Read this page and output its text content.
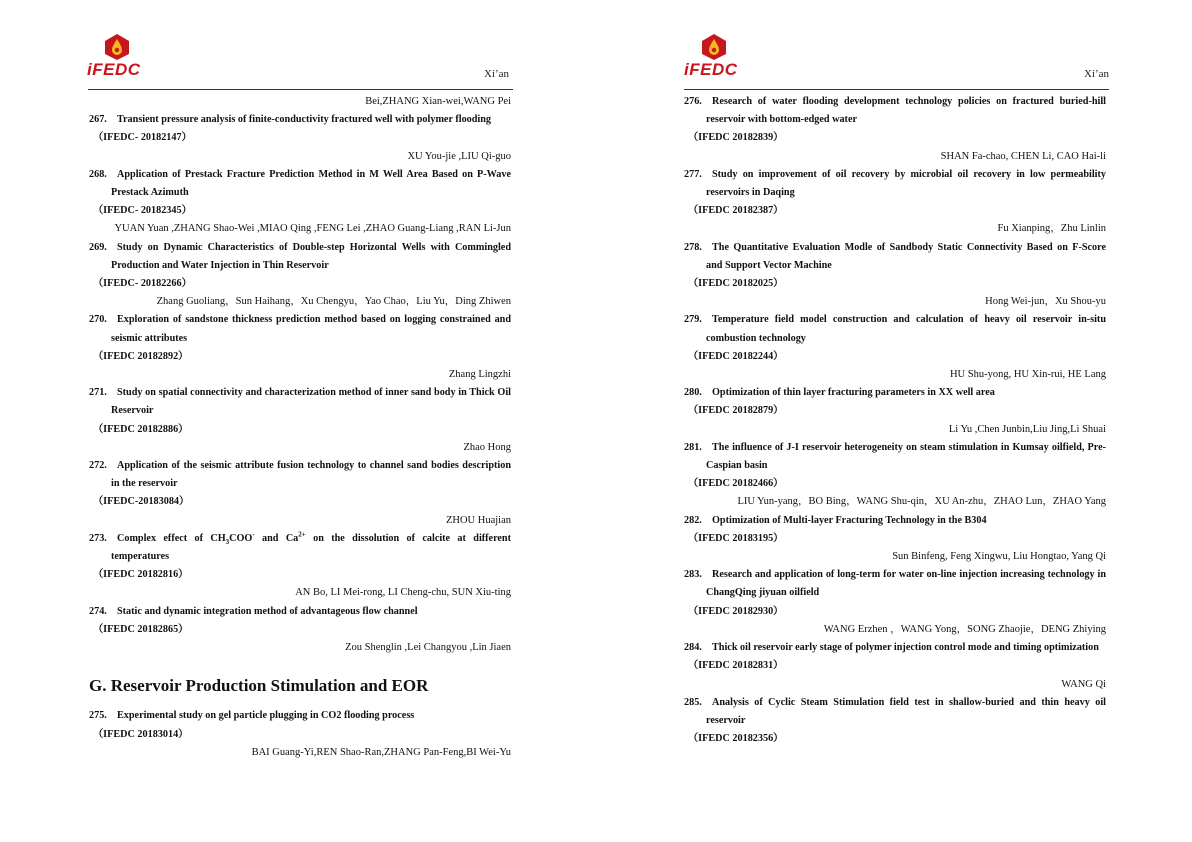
iFEDC	Xi’an

Bei,ZHANG Xian-wei,WANG Pei

267. Transient pressure analysis of finite-conductivity fractured well with polymer flooding

（IFEDC- 20182147）

XU You-jie ,LIU Qi-guo

268. Application of Prestack Fracture Prediction Method in M Well Area Based on P-Wave Prestack Azimuth

（IFEDC- 20182345）

YUAN Yuan ,ZHANG Shao-Wei ,MIAO Qing ,FENG Lei ,ZHAO Guang-Liang ,RAN Li-Jun

269. Study on Dynamic Characteristics of Double-step Horizontal Wells with Commingled Production and Water Injection in Thin Reservoir

（IFEDC- 20182266）

Zhang Guoliang，Sun Haihang，Xu Chengyu，Yao Chao，Liu Yu，Ding Zhiwen

270. Exploration of sandstone thickness prediction method based on logging constrained and seismic attributes

（IFEDC 20182892）

Zhang Lingzhi

271. Study on spatial connectivity and characterization method of inner sand body in Thick Oil Reservoir

（IFEDC 20182886）

Zhao Hong

272. Application of the seismic attribute fusion technology to channel sand bodies description in the reservoir

（IFEDC-20183084）

ZHOU Huajian

273. Complex effect of $CH_3COO^-$ and $Ca^{2+}$ on the dissolution of calcite at different temperatures

（IFEDC 20182816）

AN Bo, LI Mei-rong, LI Cheng-chu, SUN Xiu-ting

274. Static and dynamic integration method of advantageous flow channel

（IFEDC 20182865）

Zou Shenglin ,Lei Changyou ,Lin Jiaen

G. Reservoir Production Stimulation and EOR

275. Experimental study on gel particle plugging in CO2 flooding process

（IFEDC 20183014）

BAI Guang-Yi,REN Shao-Ran,ZHANG Pan-Feng,BI Wei-Yu

iFEDC	Xi’an

276. Research of water flooding development technology policies on fractured buried-hill reservoir with bottom-edged water

（IFEDC 20182839）

SHAN Fa-chao, CHEN Li, CAO Hai-li

277. Study on improvement of oil recovery by microbial oil recovery in low permeability reservoirs in Daqing

（IFEDC 20182387）

Fu Xianping，Zhu Linlin

278. The Quantitative Evaluation Modle of Sandbody Static Connectivity Based on F-Score and Support Vector Machine

（IFEDC 20182025）

Hong Wei-jun，Xu Shou-yu

279. Temperature field model construction and calculation of heavy oil reservoir in-situ combustion technology

（IFEDC 20182244）

HU Shu-yong, HU Xin-rui, HE Lang

280. Optimization of thin layer fracturing parameters in XX well area

（IFEDC 20182879）

Li Yu ,Chen Junbin,Liu Jing,Li Shuai

281. The influence of J-I reservoir heterogeneity on steam stimulation in Kumsay oilfield, Pre-Caspian basin

（IFEDC 20182466）

LIU Yun-yang，BO Bing，WANG Shu-qin，XU An-zhu，ZHAO Lun，ZHAO Yang

282. Optimization of Multi-layer Fracturing Technology in the B304

（IFEDC 20183195）

Sun Binfeng, Feng Xingwu, Liu Hongtao, Yang Qi

283. Research and application of long-term for water on-line injection increasing technology in ChangQing jiyuan oilfield

（IFEDC 20182930）

WANG Erzhen ，WANG Yong，SONG Zhaojie，DENG Zhiying

284. Thick oil reservoir early stage of polymer injection control mode and timing optimization

（IFEDC 20182831）

WANG Qi

285. Analysis of Cyclic Steam Stimulation field test in shallow-buried and thin heavy oil reservoir

（IFEDC 20182356）
